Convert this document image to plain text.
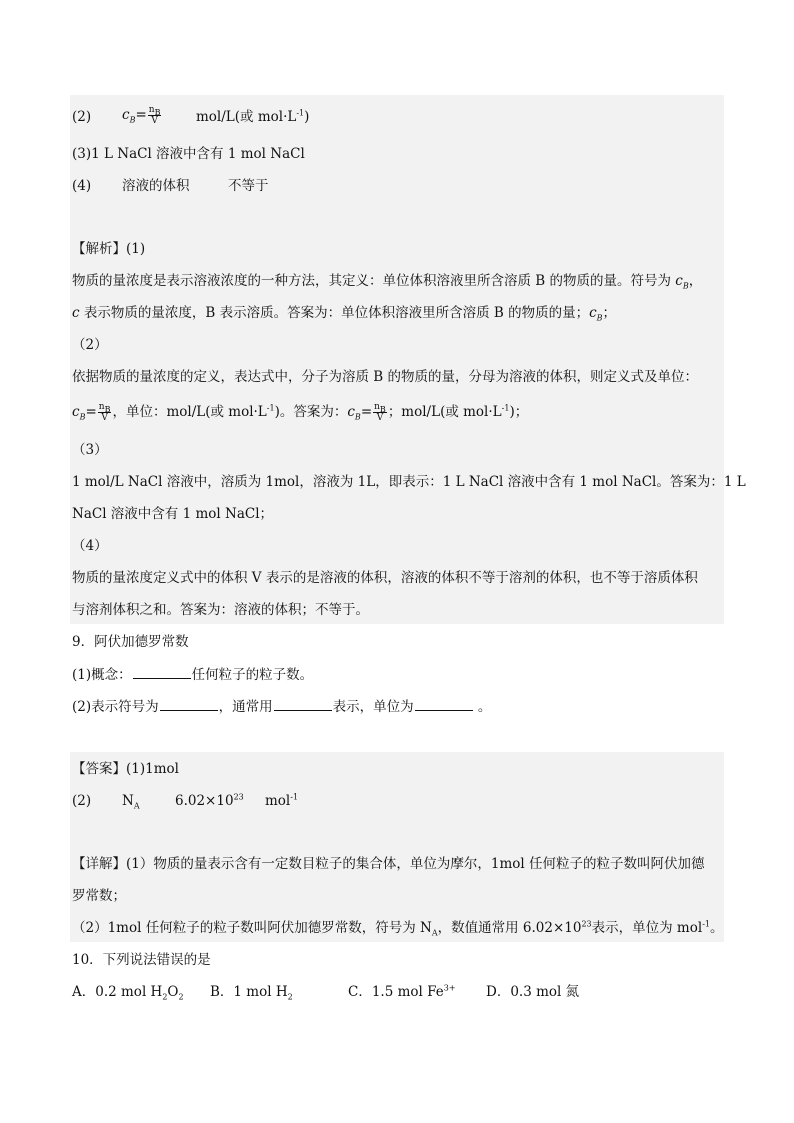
(2) $c_B= \frac{n_B}{V}$	mol/L(或 $mol\cdot L^{-1}$)
(3)1 L NaCl 溶液中含有 1 mol NaCl
(4) 溶液的体积	不等于
【解析】(1)
物质的量浓度是表示溶液浓度的一种方法，其定义：单位体积溶液里所含溶质 B 的物质的量。符号为 $c_B$，
c 表示物质的量浓度，B 表示溶质。答案为：单位体积溶液里所含溶质 B 的物质的量；$c_B$；
（2）
依据物质的量浓度的定义，表达式中，分子为溶质 B 的物质的量，分母为溶液的体积，则定义式及单位：
$c_B= \frac{n_B}{V}$ ，单位：mol/L(或 $mol\cdot L^{-1}$)。答案为：$c_B= \frac{n_B}{V}$ ；mol/L(或 $mol\cdot L^{-1}$)；
（3）
1 mol/L NaCl 溶液中，溶质为 1mol，溶液为 1L，即表示：1 L NaCl 溶液中含有 1 mol NaCl。答案为：1 L
NaCl 溶液中含有 1 mol NaCl；
（4）
物质的量浓度定义式中的体积 V 表示的是溶液的体积，溶液的体积不等于溶剂的体积，也不等于溶质体积
与溶剂体积之和。答案为：溶液的体积；不等于。
9．阿伏加德罗常数
(1)概念：	任何粒子的粒子数。
(2)表示符号为	，通常用	表示，单位为	。
【答案】(1)1mol
(2) $N_A$	$6.02\times 10^{23}$ mol$^{-1}$
【详解】(1）物质的量表示含有一定数目粒子的集合体，单位为摩尔，1mol 任何粒子的粒子数叫阿伏加德
罗常数；
（2）1mol 任何粒子的粒子数叫阿伏加德罗常数，符号为 $N_A$，数值通常用 $6.02\times 10^{23}$表示，单位为 mol$^{-1}$。
10．下列说法错误的是
A．0.2 mol $H_2O_2$ B．1 mol $H_2$	C．1.5 mol $Fe^{3+}$ D．0.3 mol 氮
